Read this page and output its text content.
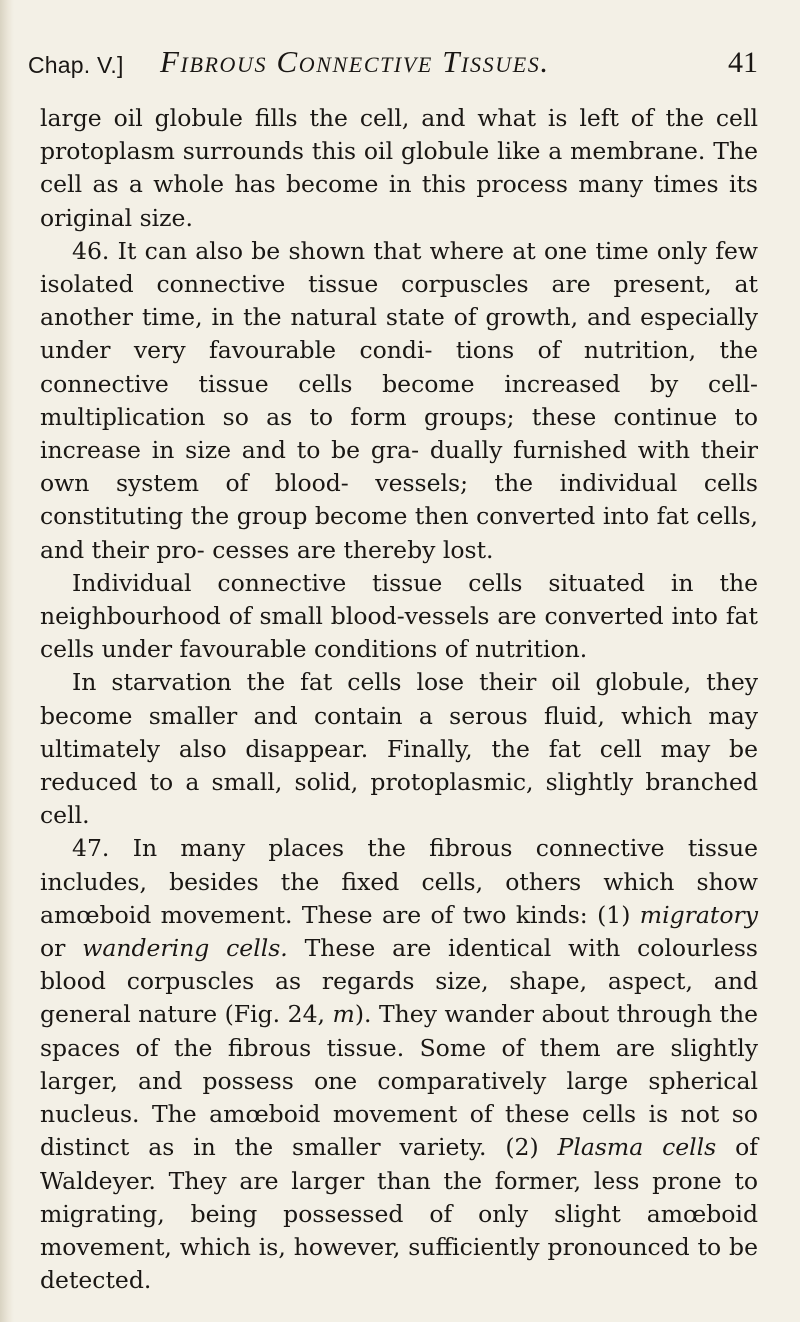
Chap. V.] Fibrous Connective Tissues.	41

large oil globule fills the cell, and what is left of the cell protoplasm surrounds this oil globule like a membrane. The cell as a whole has become in this process many times its original size.

46. It can also be shown that where at one time only few isolated connective tissue corpuscles are present, at another time, in the natural state of growth, and especially under very favourable condi- tions of nutrition, the connective tissue cells become increased by cell-multiplication so as to form groups; these continue to increase in size and to be gra- dually furnished with their own system of blood- vessels; the individual cells constituting the group become then converted into fat cells, and their pro- cesses are thereby lost.

Individual connective tissue cells situated in the neighbourhood of small blood-vessels are converted into fat cells under favourable conditions of nutrition.

In starvation the fat cells lose their oil globule, they become smaller and contain a serous fluid, which may ultimately also disappear. Finally, the fat cell may be reduced to a small, solid, protoplasmic, slightly branched cell.

47. In many places the fibrous connective tissue includes, besides the fixed cells, others which show amœboid movement. These are of two kinds: (1) migratory or wandering cells. These are identical with colourless blood corpuscles as regards size, shape, aspect, and general nature (Fig. 24, m). They wander about through the spaces of the fibrous tissue. Some of them are slightly larger, and possess one comparatively large spherical nucleus. The amœboid movement of these cells is not so distinct as in the smaller variety. (2) Plasma cells of Waldeyer. They are larger than the former, less prone to migrating, being possessed of only slight amœboid movement, which is, however, sufficiently pronounced to be detected.
